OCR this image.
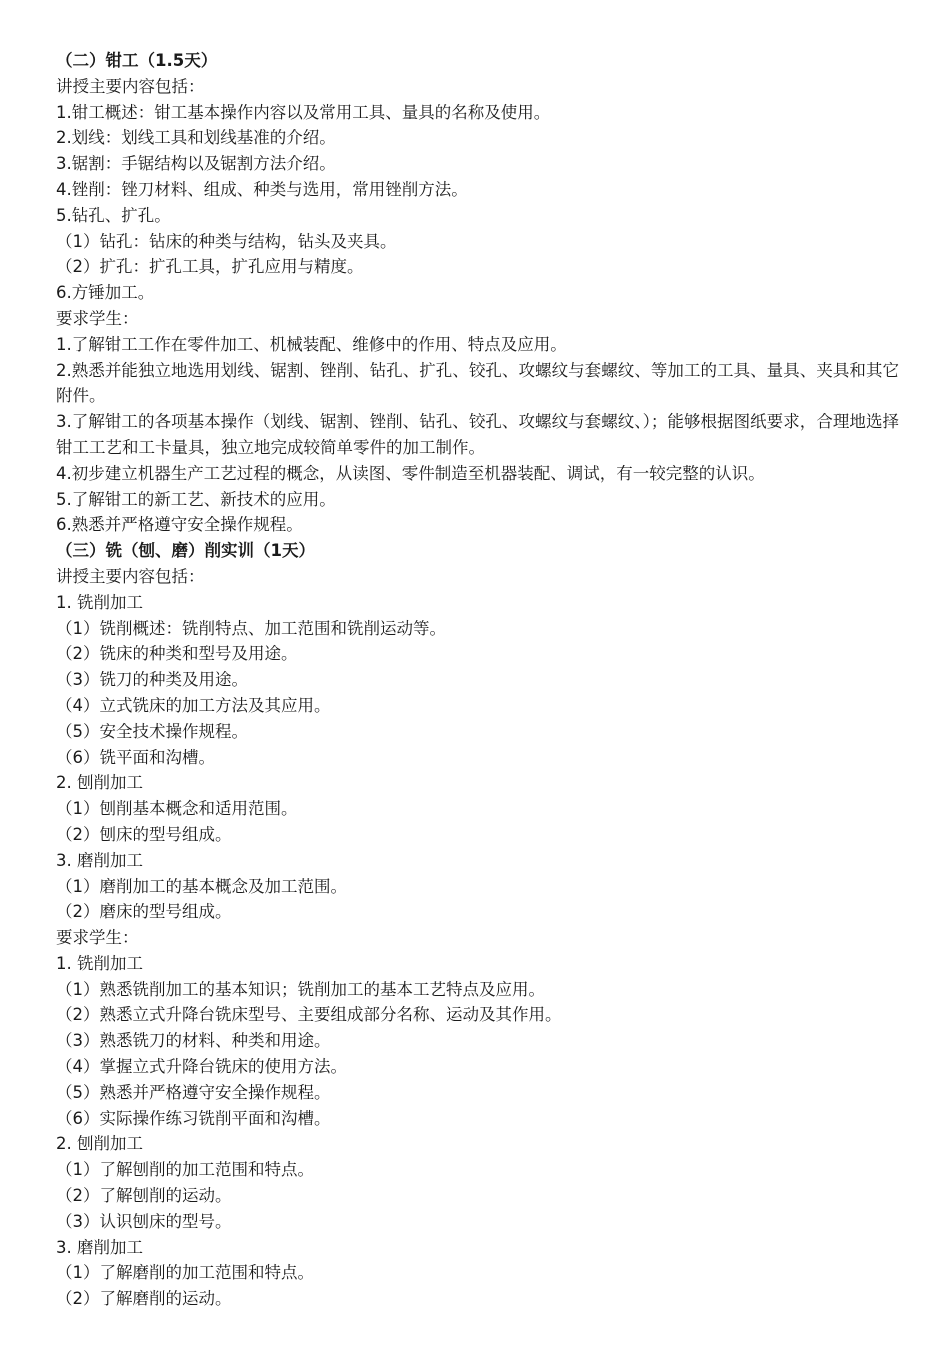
（二）钳工（1.5天）
讲授主要内容包括：
1.钳工概述：钳工基本操作内容以及常用工具、量具的名称及使用。
2.划线：划线工具和划线基准的介绍。
3.锯割：手锯结构以及锯割方法介绍。
4.锉削：锉刀材料、组成、种类与选用，常用锉削方法。
5.钻孔、扩孔。
（1）钻孔：钻床的种类与结构，钻头及夹具。
（2）扩孔：扩孔工具，扩孔应用与精度。
6.方锤加工。
要求学生：
1.了解钳工工作在零件加工、机械装配、维修中的作用、特点及应用。
2.熟悉并能独立地选用划线、锯割、锉削、钻孔、扩孔、铰孔、攻螺纹与套螺纹、等加工的工具、量具、夹具和其它附件。
3.了解钳工的各项基本操作（划线、锯割、锉削、钻孔、铰孔、攻螺纹与套螺纹、）；能够根据图纸要求，合理地选择钳工工艺和工卡量具，独立地完成较简单零件的加工制作。
4.初步建立机器生产工艺过程的概念，从读图、零件制造至机器装配、调试，有一较完整的认识。
5.了解钳工的新工艺、新技术的应用。
6.熟悉并严格遵守安全操作规程。
（三）铣（刨、磨）削实训（1天）
讲授主要内容包括：
1. 铣削加工
（1）铣削概述：铣削特点、加工范围和铣削运动等。
（2）铣床的种类和型号及用途。
（3）铣刀的种类及用途。
（4）立式铣床的加工方法及其应用。
（5）安全技术操作规程。
（6）铣平面和沟槽。
2. 刨削加工
（1）刨削基本概念和适用范围。
（2）刨床的型号组成。
3. 磨削加工
（1）磨削加工的基本概念及加工范围。
（2）磨床的型号组成。
要求学生：
1. 铣削加工
（1）熟悉铣削加工的基本知识；铣削加工的基本工艺特点及应用。
（2）熟悉立式升降台铣床型号、主要组成部分名称、运动及其作用。
（3）熟悉铣刀的材料、种类和用途。
（4）掌握立式升降台铣床的使用方法。
（5）熟悉并严格遵守安全操作规程。
（6）实际操作练习铣削平面和沟槽。
2. 刨削加工
（1）了解刨削的加工范围和特点。
（2）了解刨削的运动。
（3）认识刨床的型号。
3. 磨削加工
（1）了解磨削的加工范围和特点。
（2）了解磨削的运动。
